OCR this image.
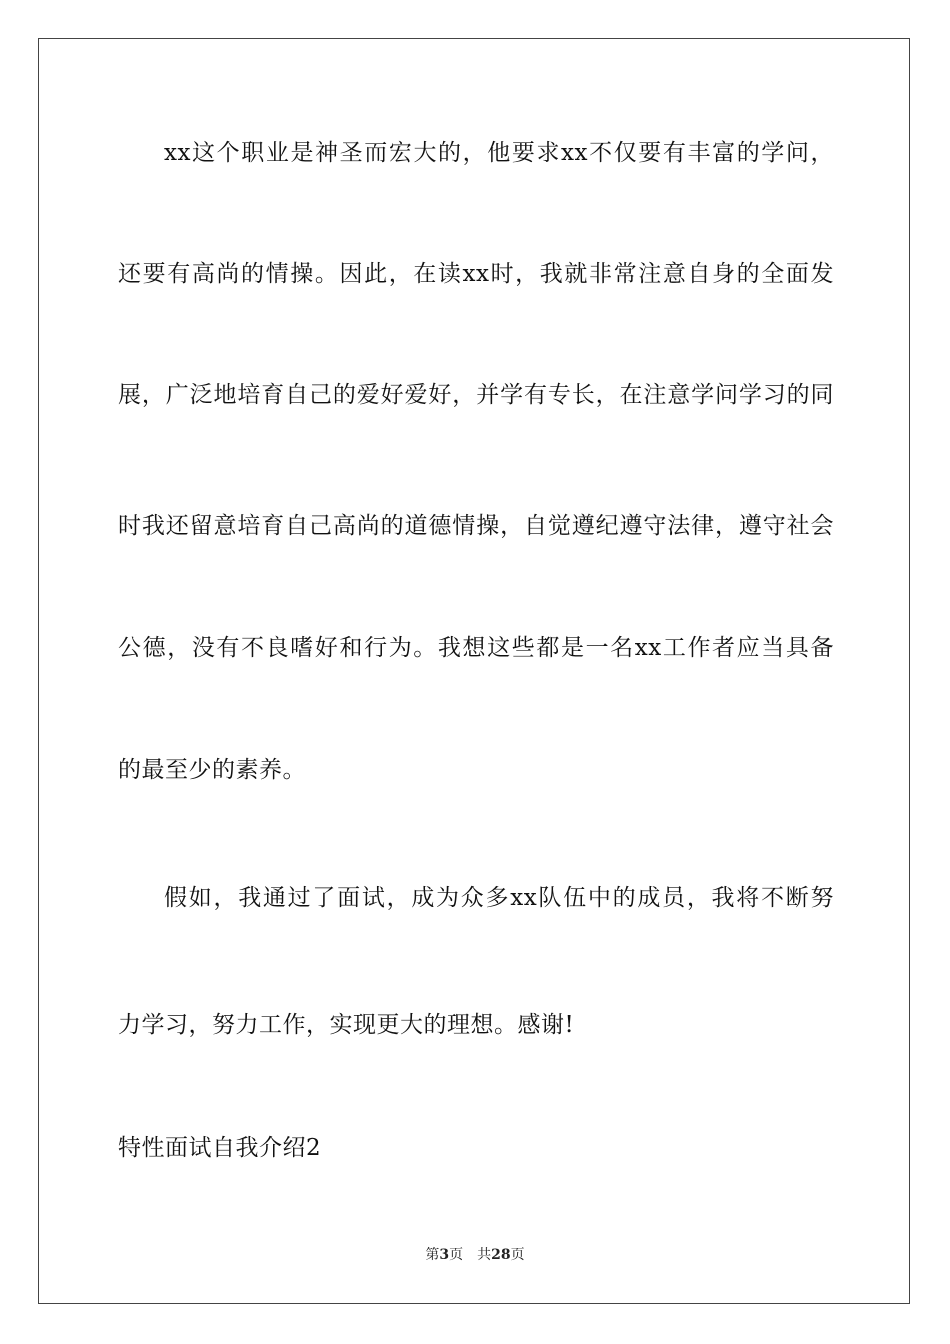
xx这个职业是神圣而宏大的，他要求xx不仅要有丰富的学问，
还要有高尚的情操。因此，在读xx时，我就非常注意自身的全面发
展，广泛地培育自己的爱好爱好，并学有专长，在注意学问学习的同
时我还留意培育自己高尚的道德情操，自觉遵纪遵守法律，遵守社会
公德，没有不良嗜好和行为。我想这些都是一名xx工作者应当具备
的最至少的素养。
假如，我通过了面试，成为众多xx队伍中的成员，我将不断努
力学习，努力工作，实现更大的理想。感谢!
特性面试自我介绍2
第3页 共28页
